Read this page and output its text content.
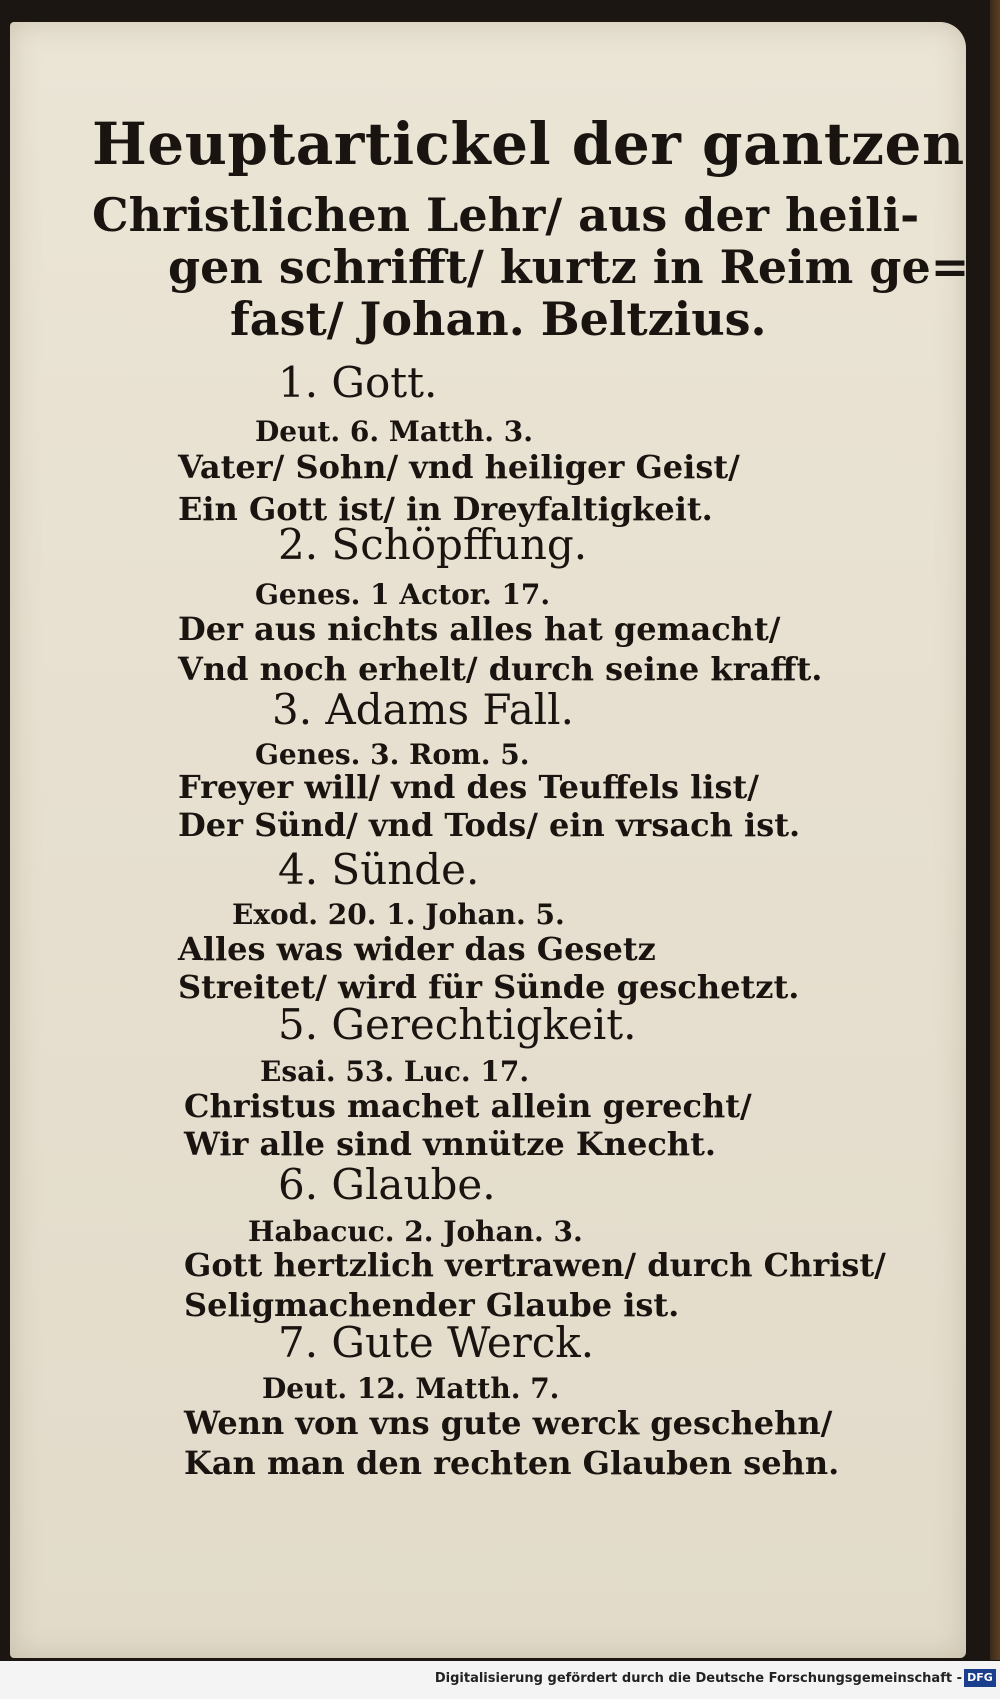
Heuptartickel der gantzen
Christlichen Lehr/ aus der heili-
gen schrifft/ kurtz in Reim ge=
fast/ Johan. Beltzius.
1. Gott.
Deut. 6. Matth. 3.
Vater/ Sohn/ vnd heiliger Geist/
Ein Gott ist/ in Dreyfaltigkeit.
2. Schöpffung.
Genes. 1 Actor. 17.
Der aus nichts alles hat gemacht/
Vnd noch erhelt/ durch seine krafft.
3. Adams Fall.
Genes. 3. Rom. 5.
Freyer will/ vnd des Teuffels list/
Der Sünd/ vnd Tods/ ein vrsach ist.
4. Sünde.
Exod. 20. 1. Johan. 5.
Alles was wider das Gesetz
Streitet/ wird für Sünde geschetzt.
5. Gerechtigkeit.
Esai. 53. Luc. 17.
Christus machet allein gerecht/
Wir alle sind vnnütze Knecht.
6. Glaube.
Habacuc. 2. Johan. 3.
Gott hertzlich vertrawen/ durch Christ/
Seligmachender Glaube ist.
7. Gute Werck.
Deut. 12. Matth. 7.
Wenn von vns gute werck geschehn/
Kan man den rechten Glauben sehn.
Digitalisierung gefördert durch die Deutsche Forschungsgemeinschaft - DFG
